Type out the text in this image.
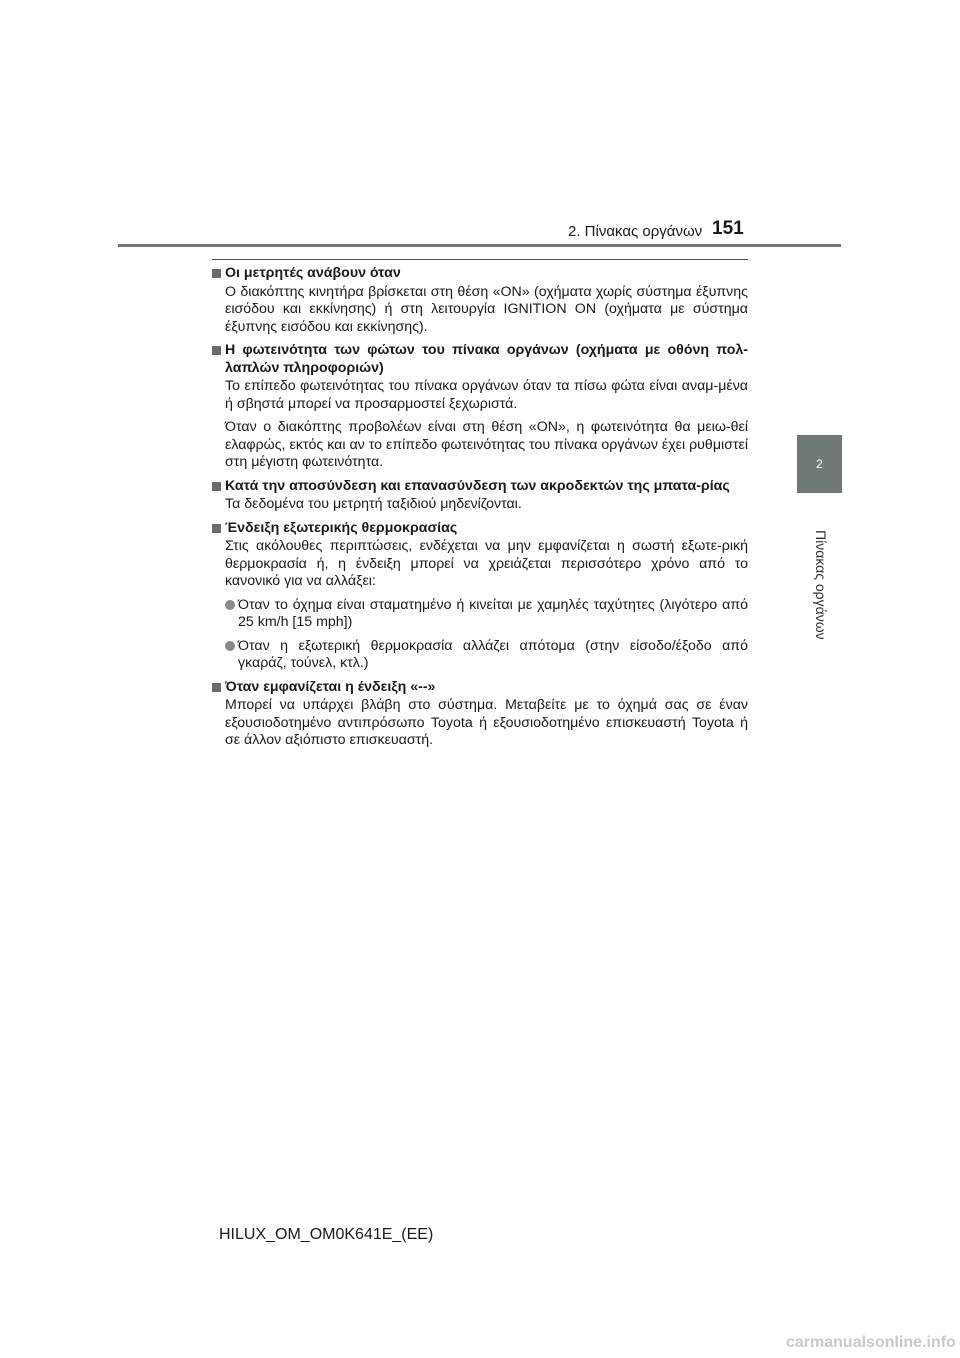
2. Πίνακας οργάνων 151
2
Πίνακας οργάνων
Οι μετρητές ανάβουν όταν

Ο διακόπτης κινητήρα βρίσκεται στη θέση «ON» (οχήματα χωρίς σύστημα έξυπνης εισόδου και εκκίνησης) ή στη λειτουργία IGNITION ON (οχήματα με σύστημα έξυπνης εισόδου και εκκίνησης).

Η φωτεινότητα των φώτων του πίνακα οργάνων (οχήματα με οθόνη πολ-λαπλών πληροφοριών)

Το επίπεδο φωτεινότητας του πίνακα οργάνων όταν τα πίσω φώτα είναι αναμ-μένα ή σβηστά μπορεί να προσαρμοστεί ξεχωριστά.

Όταν ο διακόπτης προβολέων είναι στη θέση «ON», η φωτεινότητα θα μειω-θεί ελαφρώς, εκτός και αν το επίπεδο φωτεινότητας του πίνακα οργάνων έχει ρυθμιστεί στη μέγιστη φωτεινότητα.

Κατά την αποσύνδεση και επανασύνδεση των ακροδεκτών της μπατα-ρίας

Τα δεδομένα του μετρητή ταξιδιού μηδενίζονται.

Ένδειξη εξωτερικής θερμοκρασίας

Στις ακόλουθες περιπτώσεις, ενδέχεται να μην εμφανίζεται η σωστή εξωτε-ρική θερμοκρασία ή, η ένδειξη μπορεί να χρειάζεται περισσότερο χρόνο από το κανονικό για να αλλάξει:

Όταν το όχημα είναι σταματημένο ή κινείται με χαμηλές ταχύτητες (λιγότερο από 25 km/h [15 mph])
Όταν η εξωτερική θερμοκρασία αλλάζει απότομα (στην είσοδο/έξοδο από γκαράζ, τούνελ, κτλ.)
Όταν εμφανίζεται η ένδειξη «--»

Μπορεί να υπάρχει βλάβη στο σύστημα. Μεταβείτε με το όχημά σας σε έναν εξουσιοδοτημένο αντιπρόσωπο Toyota ή εξουσιοδοτημένο επισκευαστή Toyota ή σε άλλον αξιόπιστο επισκευαστή.

HILUX_OM_OM0K641E_(EE)
carmanualsonline.info
